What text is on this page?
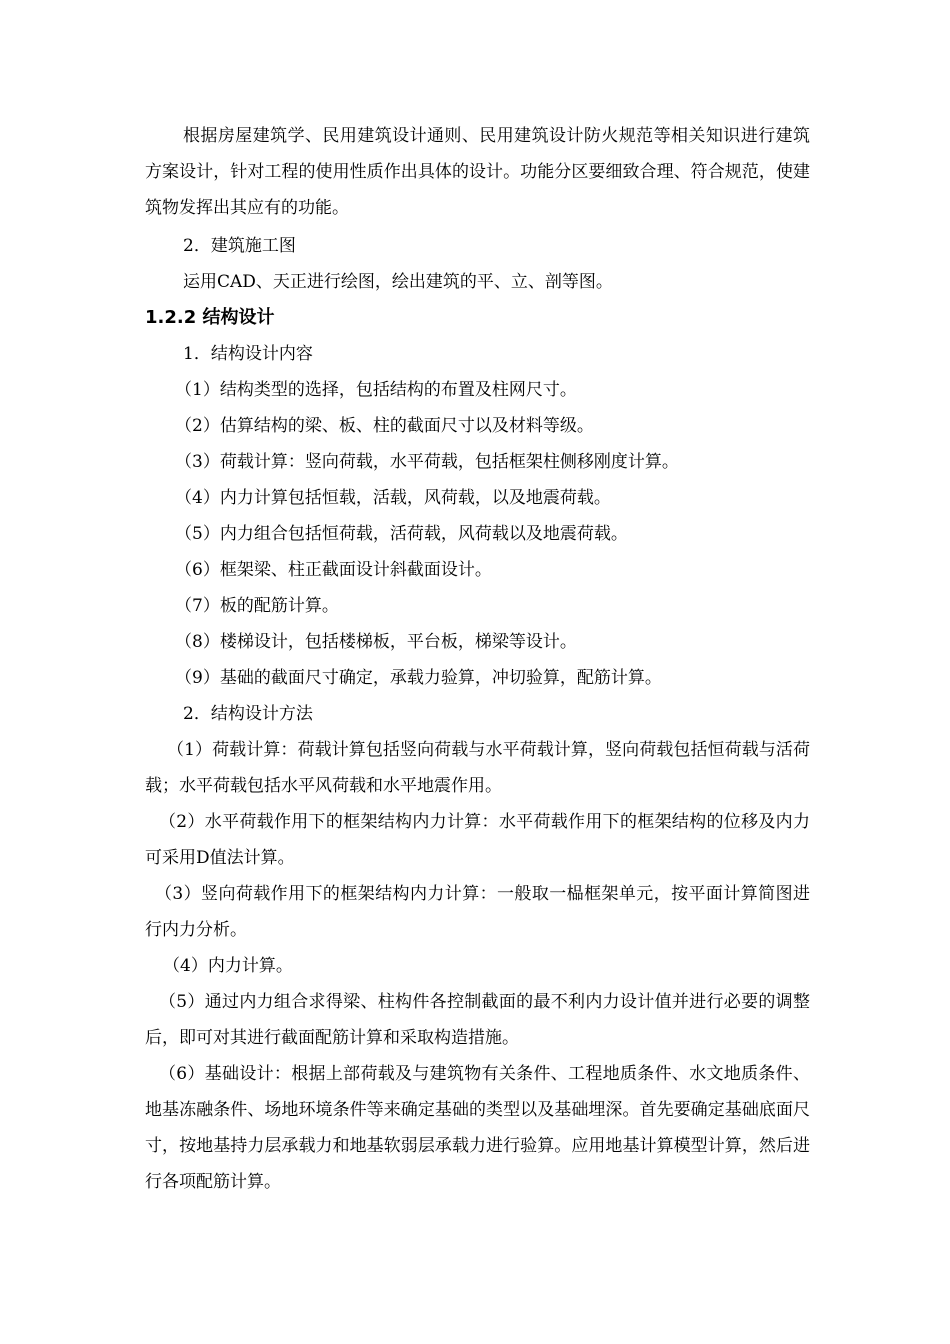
根据房屋建筑学、民用建筑设计通则、民用建筑设计防火规范等相关知识进行建筑方案设计，针对工程的使用性质作出具体的设计。功能分区要细致合理、符合规范，使建筑物发挥出其应有的功能。

2．建筑施工图

运用CAD、天正进行绘图，绘出建筑的平、立、剖等图。

1.2.2 结构设计

1．结构设计内容

（1）结构类型的选择，包括结构的布置及柱网尺寸。

（2）估算结构的梁、板、柱的截面尺寸以及材料等级。

（3）荷载计算：竖向荷载，水平荷载，包括框架柱侧移刚度计算。

（4）内力计算包括恒载，活载，风荷载，以及地震荷载。

（5）内力组合包括恒荷载，活荷载，风荷载以及地震荷载。

（6）框架梁、柱正截面设计斜截面设计。

（7）板的配筋计算。

（8）楼梯设计，包括楼梯板，平台板，梯梁等设计。

（9）基础的截面尺寸确定，承载力验算，冲切验算，配筋计算。

2．结构设计方法

（1）荷载计算：荷载计算包括竖向荷载与水平荷载计算，竖向荷载包括恒荷载与活荷载；水平荷载包括水平风荷载和水平地震作用。

（2）水平荷载作用下的框架结构内力计算：水平荷载作用下的框架结构的位移及内力可采用D值法计算。

（3）竖向荷载作用下的框架结构内力计算：一般取一榀框架单元，按平面计算简图进行内力分析。

（4）内力计算。

（5）通过内力组合求得梁、柱构件各控制截面的最不利内力设计值并进行必要的调整后，即可对其进行截面配筋计算和采取构造措施。

（6）基础设计：根据上部荷载及与建筑物有关条件、工程地质条件、水文地质条件、地基冻融条件、场地环境条件等来确定基础的类型以及基础埋深。首先要确定基础底面尺寸，按地基持力层承载力和地基软弱层承载力进行验算。应用地基计算模型计算，然后进行各项配筋计算。
